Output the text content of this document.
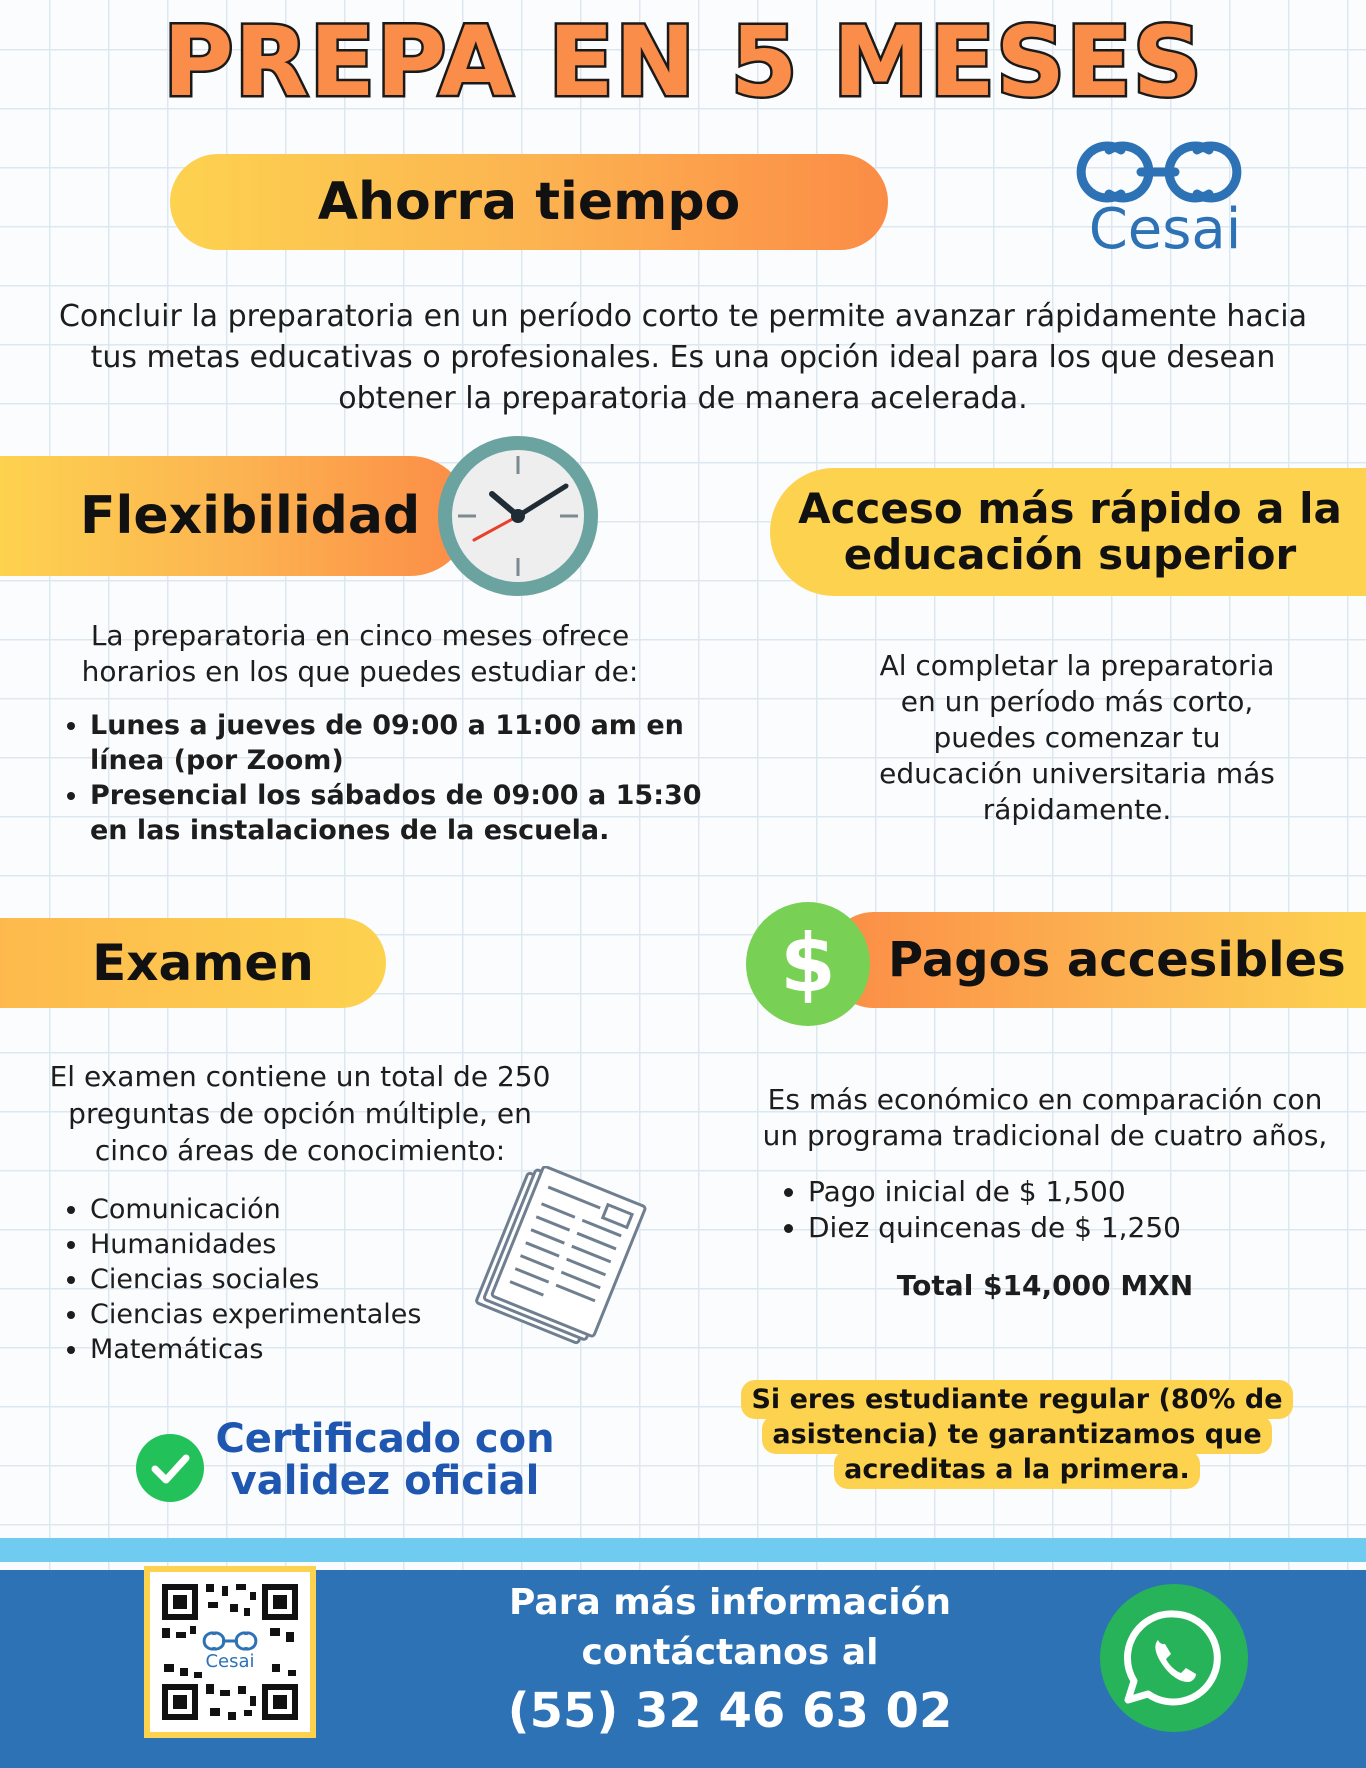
PREPA EN 5 MESES
Ahorra tiempo	Cesai
Concluir la preparatoria en un período corto te permite avanzar rápidamente hacia tus metas educativas o profesionales. Es una opción ideal para los que desean obtener la preparatoria de manera acelerada.
Flexibilidad	Acceso más rápido a la
educación superior
La preparatoria en cinco meses ofrece horarios en los que puedes estudiar de:
• Lunes a jueves de 09:00 a 11:00 am en línea (por Zoom)
• Presencial los sábados de 09:00 a 15:30 en las instalaciones de la escuela.
Al completar la preparatoria en un período más corto, puedes comenzar tu educación universitaria más rápidamente.
Examen	Pagos accesibles
$
El examen contiene un total de 250 preguntas de opción múltiple, en cinco áreas de conocimiento:
• Comunicación
• Humanidades
• Ciencias sociales
• Ciencias experimentales
• Matemáticas
Es más económico en comparación con un programa tradicional de cuatro años,
• Pago inicial de $ 1,500
• Diez quincenas de $ 1,250
Total $14,000 MXN
Certificado con
validez oficial
Si eres estudiante regular (80% de asistencia) te garantizamos que acreditas a la primera.
Cesai
Para más información
contáctanos al
(55) 32 46 63 02
